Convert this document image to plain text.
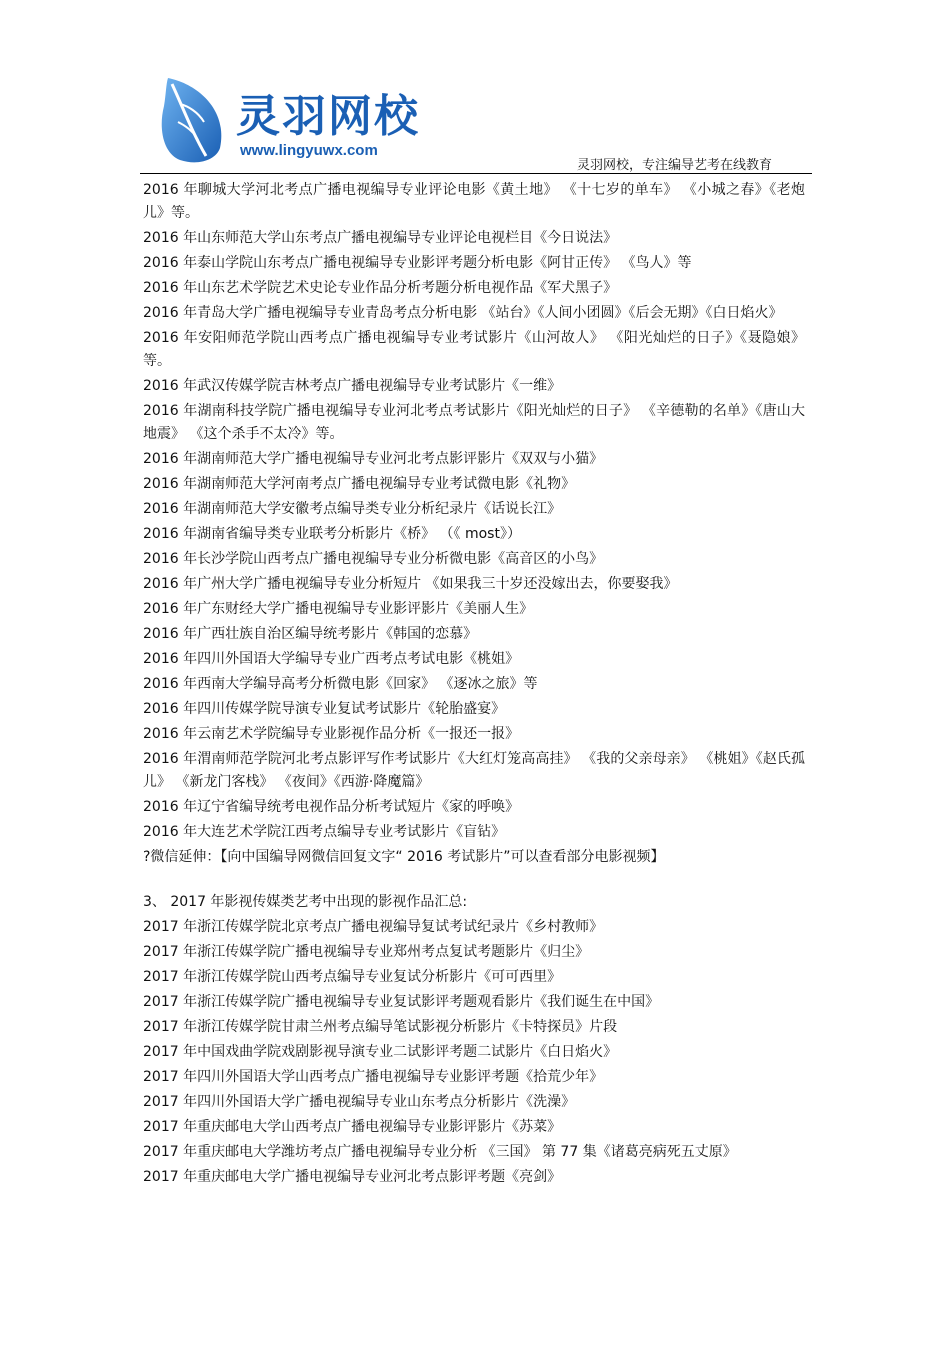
灵羽网校
www.lingyuwx.com
灵羽网校，专注编导艺考在线教育
2016 年聊城大学河北考点广播电视编导专业评论电影《黄土地》 《十七岁的单车》 《小城之春》《老炮儿》等。
2016 年山东师范大学山东考点广播电视编导专业评论电视栏目《今日说法》
2016 年泰山学院山东考点广播电视编导专业影评考题分析电影《阿甘正传》 《鸟人》等
2016 年山东艺术学院艺术史论专业作品分析考题分析电视作品《军犬黑子》
2016 年青岛大学广播电视编导专业青岛考点分析电影 《站台》《人间小团圆》《后会无期》《白日焰火》
2016 年安阳师范学院山西考点广播电视编导专业考试影片《山河故人》 《阳光灿烂的日子》《聂隐娘》等。
2016 年武汉传媒学院吉林考点广播电视编导专业考试影片《一维》
2016 年湖南科技学院广播电视编导专业河北考点考试影片《阳光灿烂的日子》 《辛德勒的名单》《唐山大地震》 《这个杀手不太冷》等。
2016 年湖南师范大学广播电视编导专业河北考点影评影片《双双与小猫》
2016 年湖南师范大学河南考点广播电视编导专业考试微电影《礼物》
2016 年湖南师范大学安徽考点编导类专业分析纪录片《话说长江》
2016 年湖南省编导类专业联考分析影片《桥》 （《 most》）
2016 年长沙学院山西考点广播电视编导专业分析微电影《高音区的小鸟》
2016 年广州大学广播电视编导专业分析短片 《如果我三十岁还没嫁出去，你要娶我》
2016 年广东财经大学广播电视编导专业影评影片《美丽人生》
2016 年广西壮族自治区编导统考影片《韩国的恋慕》
2016 年四川外国语大学编导专业广西考点考试电影《桃姐》
2016 年西南大学编导高考分析微电影《回家》 《逐冰之旅》等
2016 年四川传媒学院导演专业复试考试影片《轮胎盛宴》
2016 年云南艺术学院编导专业影视作品分析《一报还一报》
2016 年渭南师范学院河北考点影评写作考试影片《大红灯笼高高挂》 《我的父亲母亲》 《桃姐》《赵氏孤儿》 《新龙门客栈》 《夜间》《西游·降魔篇》
2016 年辽宁省编导统考电视作品分析考试短片《家的呼唤》
2016 年大连艺术学院江西考点编导专业考试影片《盲钻》
?微信延伸：【向中国编导网微信回复文字“ 2016 考试影片”可以查看部分电影视频】
3、 2017 年影视传媒类艺考中出现的影视作品汇总:
2017 年浙江传媒学院北京考点广播电视编导复试考试纪录片《乡村教师》
2017 年浙江传媒学院广播电视编导专业郑州考点复试考题影片《归尘》
2017 年浙江传媒学院山西考点编导专业复试分析影片《可可西里》
2017 年浙江传媒学院广播电视编导专业复试影评考题观看影片《我们诞生在中国》
2017 年浙江传媒学院甘肃兰州考点编导笔试影视分析影片《卡特探员》片段
2017 年中国戏曲学院戏剧影视导演专业二试影评考题二试影片《白日焰火》
2017 年四川外国语大学山西考点广播电视编导专业影评考题《拾荒少年》
2017 年四川外国语大学广播电视编导专业山东考点分析影片《洗澡》
2017 年重庆邮电大学山西考点广播电视编导专业影评影片《苏菜》
2017 年重庆邮电大学潍坊考点广播电视编导专业分析 《三国》 第 77 集《诸葛亮病死五丈原》
2017 年重庆邮电大学广播电视编导专业河北考点影评考题《亮剑》
